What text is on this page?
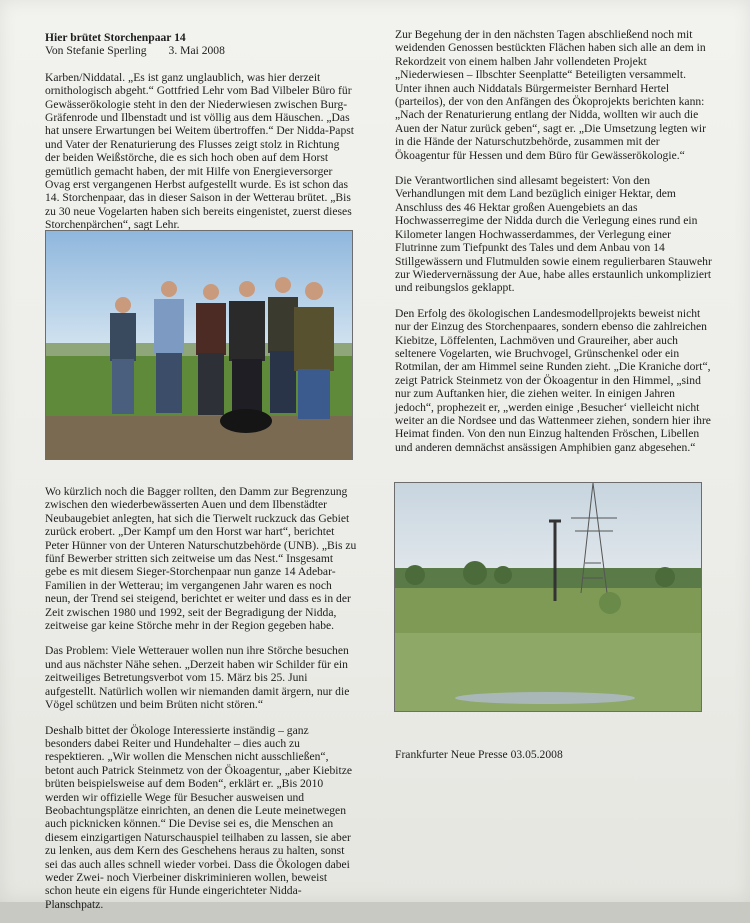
Hier brütet Storchenpaar 14
Von Stefanie Sperling 3. Mai 2008

Karben/Niddatal. „Es ist ganz unglaublich, was hier derzeit ornithologisch abgeht.“ Gottfried Lehr vom Bad Vilbeler Büro für Gewässerökologie steht in den der Niederwiesen zwischen Burg-Gräfenrode und Ilbenstadt und ist völlig aus dem Häuschen. „Das hat unsere Erwartungen bei Weitem übertroffen.“ Der Nidda-Papst und Vater der Renaturierung des Flusses zeigt stolz in Richtung der beiden Weißstörche, die es sich hoch oben auf dem Horst gemütlich gemacht haben, der mit Hilfe von Energieversorger Ovag erst vergangenen Herbst aufgestellt wurde. Es ist schon das 14. Storchenpaar, das in dieser Saison in der Wetterau brütet. „Bis zu 30 neue Vogelarten haben sich bereits eingenistet, zuerst dieses Storchenpärchen“, sagt Lehr.

Zur Begehung der in den nächsten Tagen abschließend noch mit weidenden Genossen bestückten Flächen haben sich alle an dem in Rekordzeit von einem halben Jahr vollendeten Projekt „Niederwiesen – Ilbschter Seenplatte“ Beteiligten versammelt. Unter ihnen auch Niddatals Bürgermeister Bernhard Hertel (parteilos), der von den Anfängen des Ökoprojekts berichten kann: „Nach der Renaturierung entlang der Nidda, wollten wir auch die Auen der Natur zurück geben“, sagt er. „Die Umsetzung legten wir in die Hände der Naturschutzbehörde, zusammen mit der Ökoagentur für Hessen und dem Büro für Gewässerökologie.“

Die Verantwortlichen sind allesamt begeistert: Von den Verhandlungen mit dem Land bezüglich einiger Hektar, dem Anschluss des 46 Hektar großen Auengebiets an das Hochwasserregime der Nidda durch die Verlegung eines rund ein Kilometer langen Hochwasserdammes, der Verlegung einer Flutrinne zum Tiefpunkt des Tales und dem Anbau von 14 Stillgewässern und Flutmulden sowie einem regulierbaren Stauwehr zur Wiedervernässung der Aue, habe alles erstaunlich unkompliziert und reibungslos geklappt.

Den Erfolg des ökologischen Landesmodellprojekts beweist nicht nur der Einzug des Storchenpaares, sondern ebenso die zahlreichen Kiebitze, Löffelenten, Lachmöven und Graureiher, aber auch seltenere Vogelarten, wie Bruchvogel, Grünschenkel oder ein Rotmilan, der am Himmel seine Runden zieht. „Die Kraniche dort“, zeigt Patrick Steinmetz von der Ökoagentur in den Himmel, „sind nur zum Auftanken hier, die ziehen weiter. In einigen Jahren jedoch“, prophezeit er, „werden einige ‚Besucher‘ vielleicht nicht weiter an die Nordsee und das Wattenmeer ziehen, sondern hier ihre Heimat finden. Von den nun Einzug haltenden Fröschen, Libellen und anderen demnächst ansässigen Amphibien ganz abgesehen.“

Wo kürzlich noch die Bagger rollten, den Damm zur Begrenzung zwischen den wiederbewässerten Auen und dem Ilbenstädter Neubaugebiet anlegten, hat sich die Tierwelt ruckzuck das Gebiet zurück erobert. „Der Kampf um den Horst war hart“, berichtet Peter Hünner von der Unteren Naturschutzbehörde (UNB). „Bis zu fünf Bewerber stritten sich zeitweise um das Nest.“ Insgesamt gebe es mit diesem Sieger-Storchenpaar nun ganze 14 Adebar-Familien in der Wetterau; im vergangenen Jahr waren es noch neun, der Trend sei steigend, berichtet er weiter und dass es in der Zeit zwischen 1980 und 1992, seit der Begradigung der Nidda, zeitweise gar keine Störche mehr in der Region gegeben habe.

Das Problem: Viele Wetterauer wollen nun ihre Störche besuchen und aus nächster Nähe sehen. „Derzeit haben wir Schilder für ein zeitweiliges Betretungsverbot vom 15. März bis 25. Juni aufgestellt. Natürlich wollen wir niemanden damit ärgern, nur die Vögel schützen und beim Brüten nicht stören.“

Deshalb bittet der Ökologe Interessierte inständig – ganz besonders dabei Reiter und Hundehalter – dies auch zu respektieren. „Wir wollen die Menschen nicht ausschließen“, betont auch Patrick Steinmetz von der Ökoagentur, „aber Kiebitze brüten beispielsweise auf dem Boden“, erklärt er. „Bis 2010 werden wir offizielle Wege für Besucher ausweisen und Beobachtungsplätze einrichten, an denen die Leute meinetwegen auch picknicken können.“ Die Devise sei es, die Menschen an diesem einzigartigen Naturschauspiel teilhaben zu lassen, sie aber zu lenken, aus dem Kern des Geschehens heraus zu halten, sonst sei das auch alles schnell wieder vorbei. Dass die Ökologen dabei weder Zwei- noch Vierbeiner diskriminieren wollen, beweist schon heute ein eigens für Hunde eingerichteter Nidda-Planschpatz.

Frankfurter Neue Presse 03.05.2008
